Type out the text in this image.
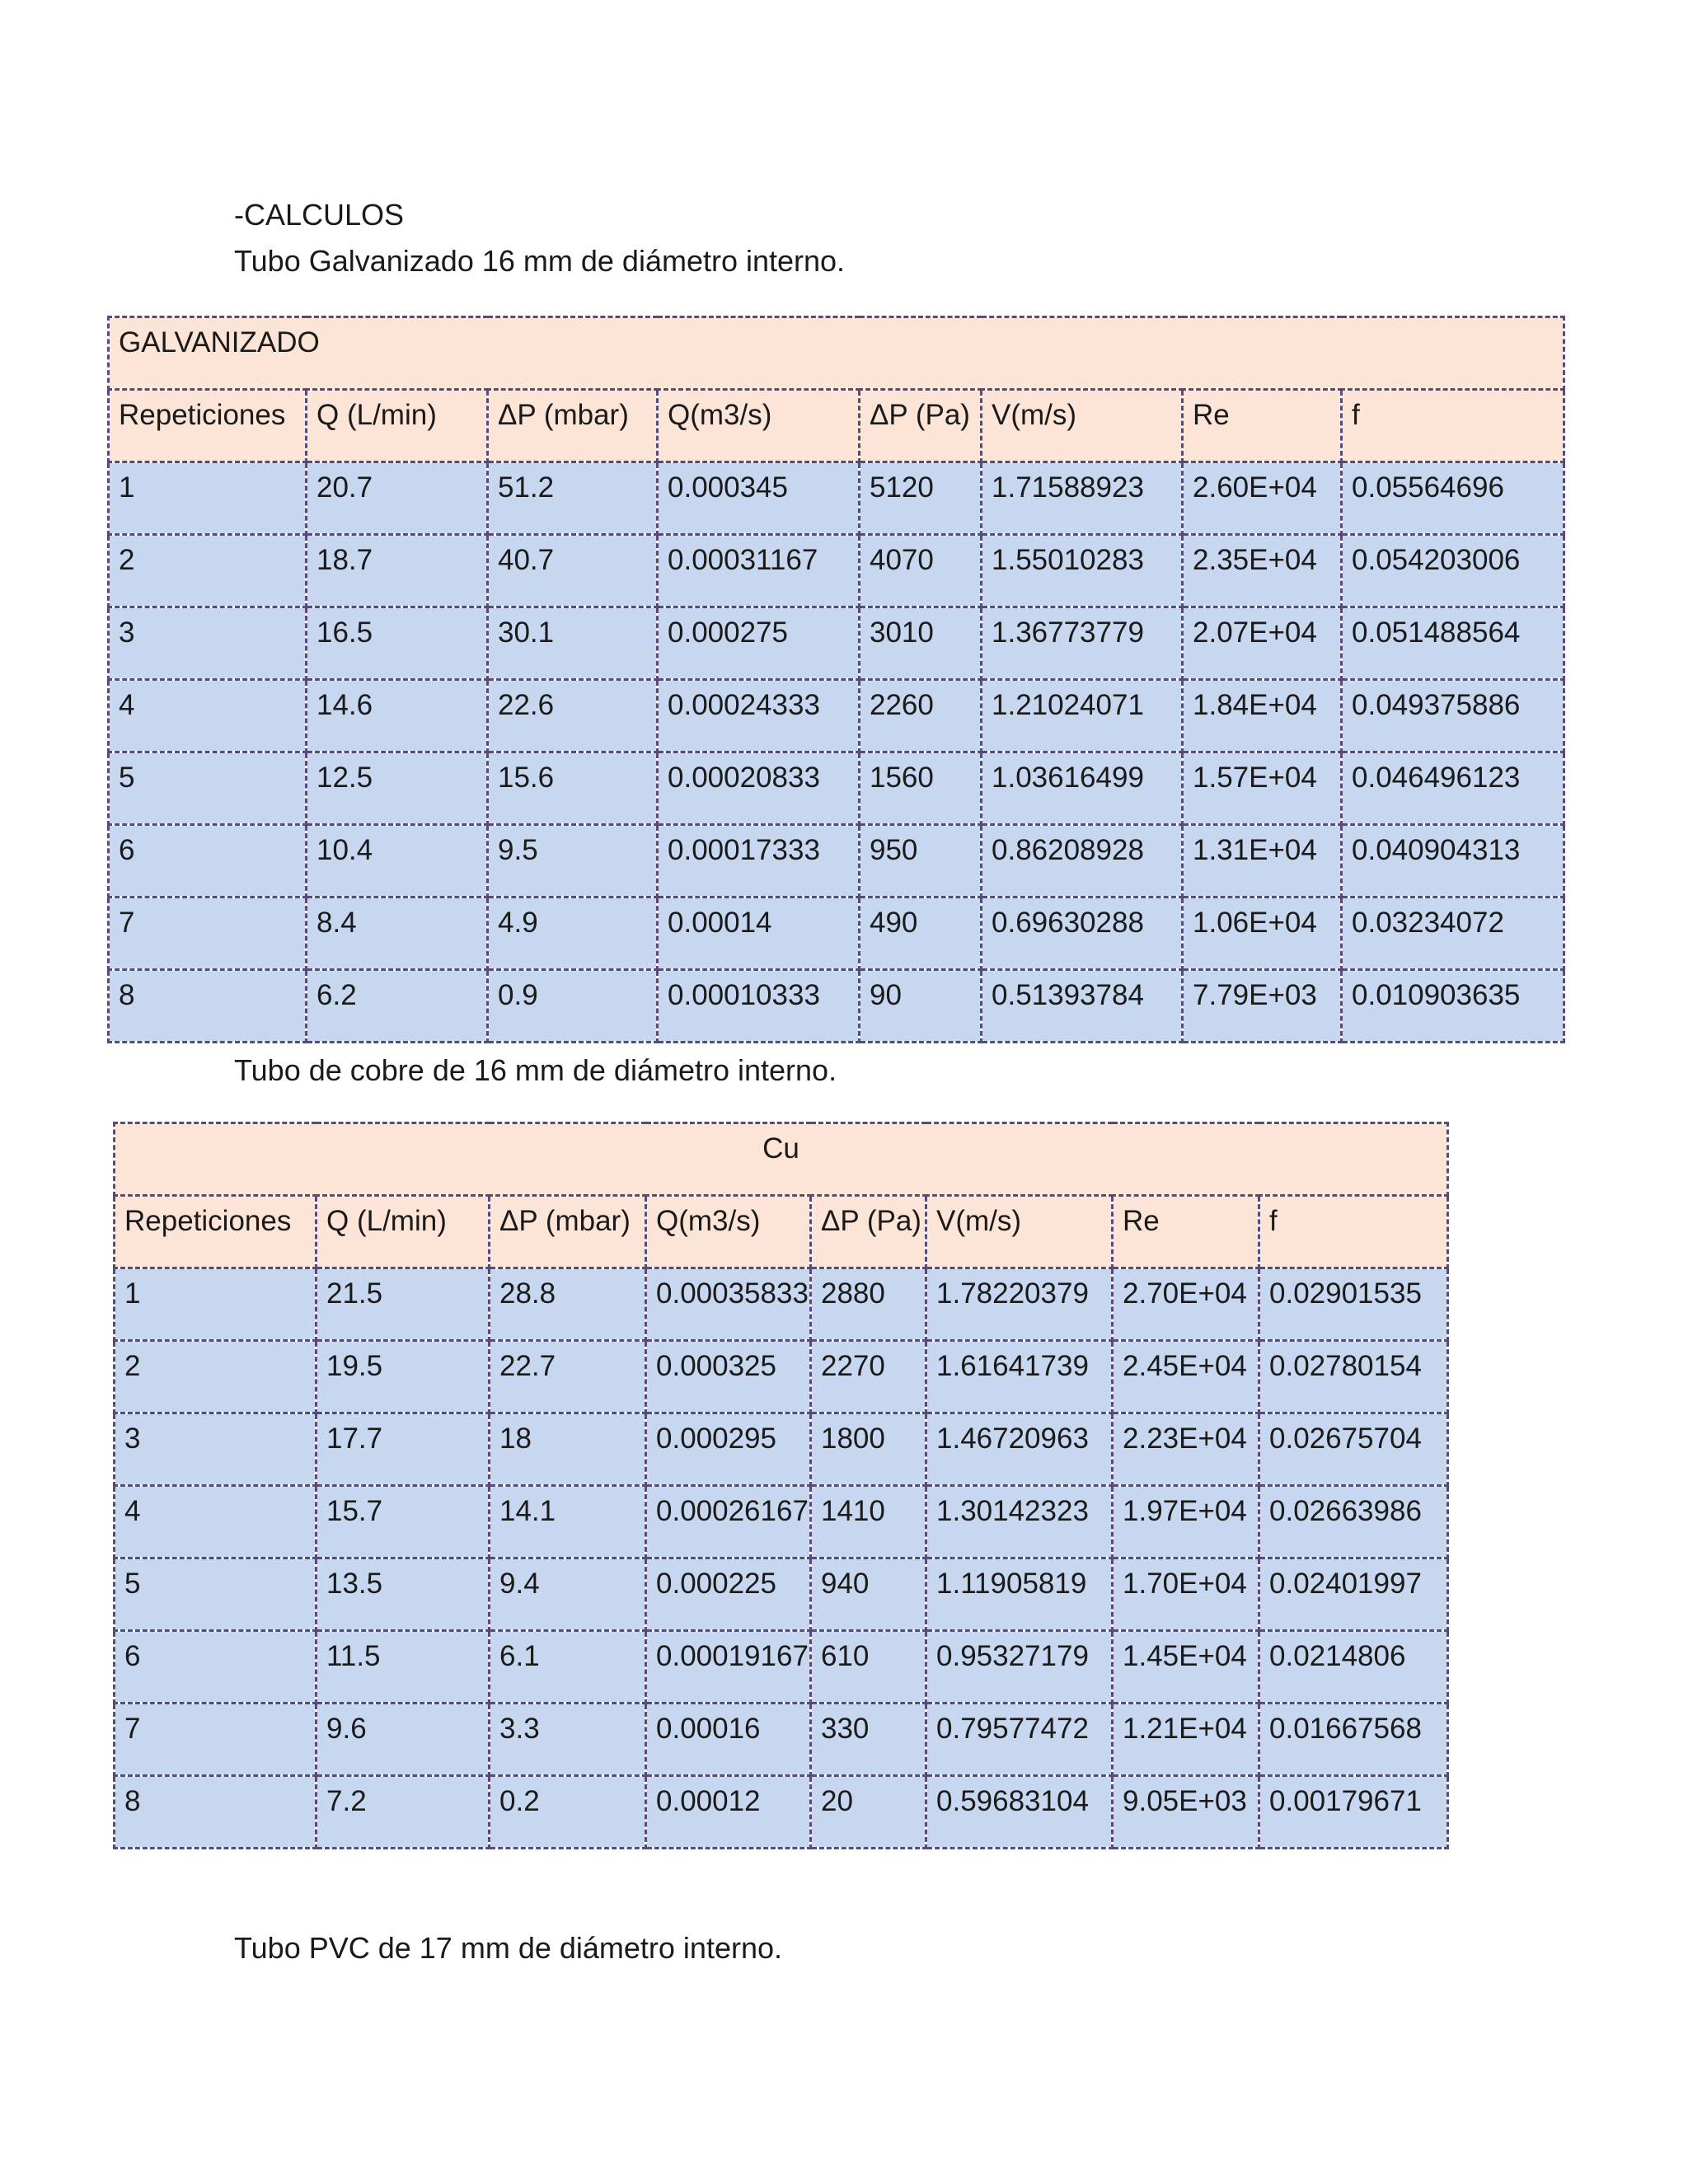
-CALCULOS
Tubo Galvanizado 16 mm de diámetro interno.
GALVANIZADO							
Repeticiones	Q (L/min)	ΔP (mbar)	Q(m3/s)	ΔP (Pa)	V(m/s)	Re	f
1	20.7	51.2	0.000345	5120	1.71588923	2.60E+04	0.05564696
2	18.7	40.7	0.00031167	4070	1.55010283	2.35E+04	0.054203006
3	16.5	30.1	0.000275	3010	1.36773779	2.07E+04	0.051488564
4	14.6	22.6	0.00024333	2260	1.21024071	1.84E+04	0.049375886
5	12.5	15.6	0.00020833	1560	1.03616499	1.57E+04	0.046496123
6	10.4	9.5	0.00017333	950	0.86208928	1.31E+04	0.040904313
7	8.4	4.9	0.00014	490	0.69630288	1.06E+04	0.03234072
8	6.2	0.9	0.00010333	90	0.51393784	7.79E+03	0.010903635
Tubo de cobre de 16 mm de diámetro interno.
Cu							
Repeticiones	Q (L/min)	ΔP (mbar)	Q(m3/s)	ΔP (Pa)	V(m/s)	Re	f
1	21.5	28.8	0.00035833	2880	1.78220379	2.70E+04	0.02901535
2	19.5	22.7	0.000325	2270	1.61641739	2.45E+04	0.02780154
3	17.7	18	0.000295	1800	1.46720963	2.23E+04	0.02675704
4	15.7	14.1	0.00026167	1410	1.30142323	1.97E+04	0.02663986
5	13.5	9.4	0.000225	940	1.11905819	1.70E+04	0.02401997
6	11.5	6.1	0.00019167	610	0.95327179	1.45E+04	0.0214806
7	9.6	3.3	0.00016	330	0.79577472	1.21E+04	0.01667568
8	7.2	0.2	0.00012	20	0.59683104	9.05E+03	0.00179671
Tubo PVC de 17 mm de diámetro interno.
